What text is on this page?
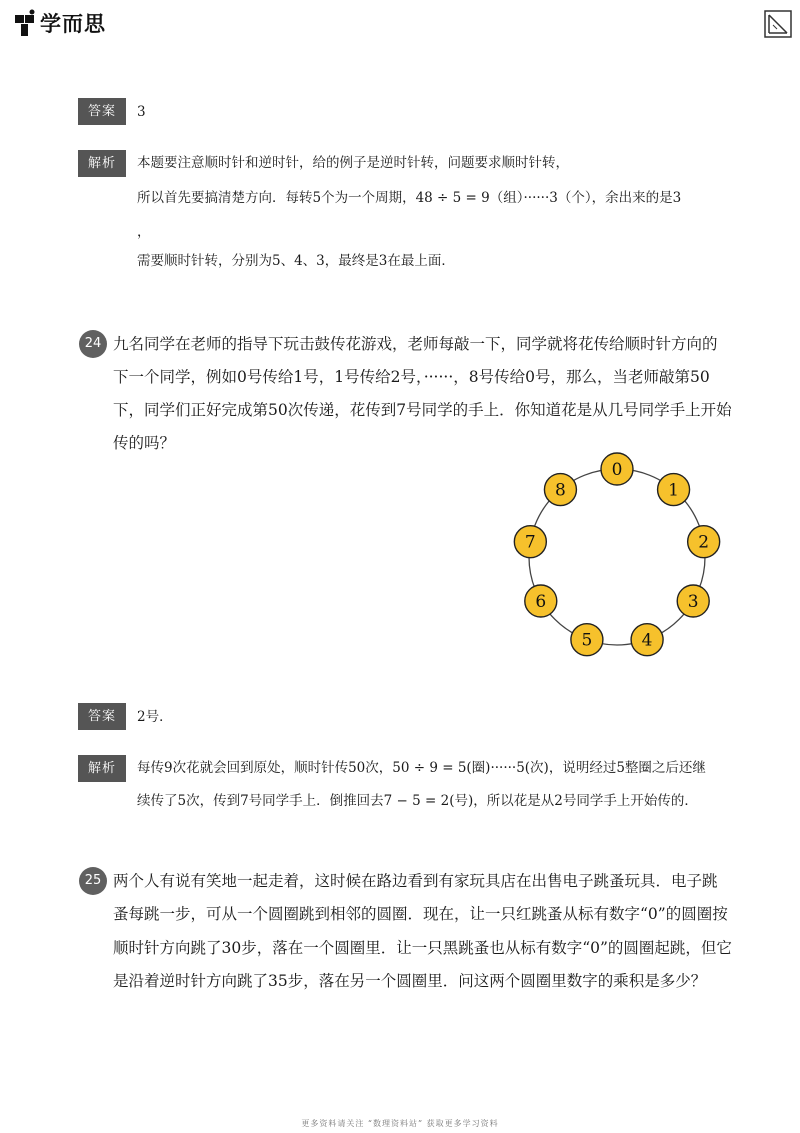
学而思
答案	3
解析	本题要注意顺时针和逆时针，给的例子是逆时针转，问题要求顺时针转，
所以首先要搞清楚方向．每转5个为一个周期，48 ÷ 5 = 9（组）······3（个），余出来的是3
，
需要顺时针转，分别为5、4、3，最终是3在最上面．
24 九名同学在老师的指导下玩击鼓传花游戏，老师每敲一下，同学就将花传给顺时针方向的
下一个同学，例如0号传给1号，1号传给2号，······，8号传给0号，那么，当老师敲第50
下，同学们正好完成第50次传递，花传到7号同学的手上．你知道花是从几号同学手上开始
传的吗？
0
1
2
3
4
5
6
7
8
答案	2号．
解析	每传9次花就会回到原处，顺时针传50次，50 ÷ 9 = 5(圈)······5(次)，说明经过5整圈之后还继
续传了5次，传到7号同学手上．倒推回去7 − 5 = 2(号)，所以花是从2号同学手上开始传的．
25 两个人有说有笑地一起走着，这时候在路边看到有家玩具店在出售电子跳蚤玩具．电子跳
蚤每跳一步，可从一个圆圈跳到相邻的圆圈．现在，让一只红跳蚤从标有数字“0”的圆圈按
顺时针方向跳了30步，落在一个圆圈里．让一只黑跳蚤也从标有数字“0”的圆圈起跳，但它
是沿着逆时针方向跳了35步，落在另一个圆圈里．问这两个圆圈里数字的乘积是多少？
更多资料请关注 “数理资料站” 获取更多学习资料
